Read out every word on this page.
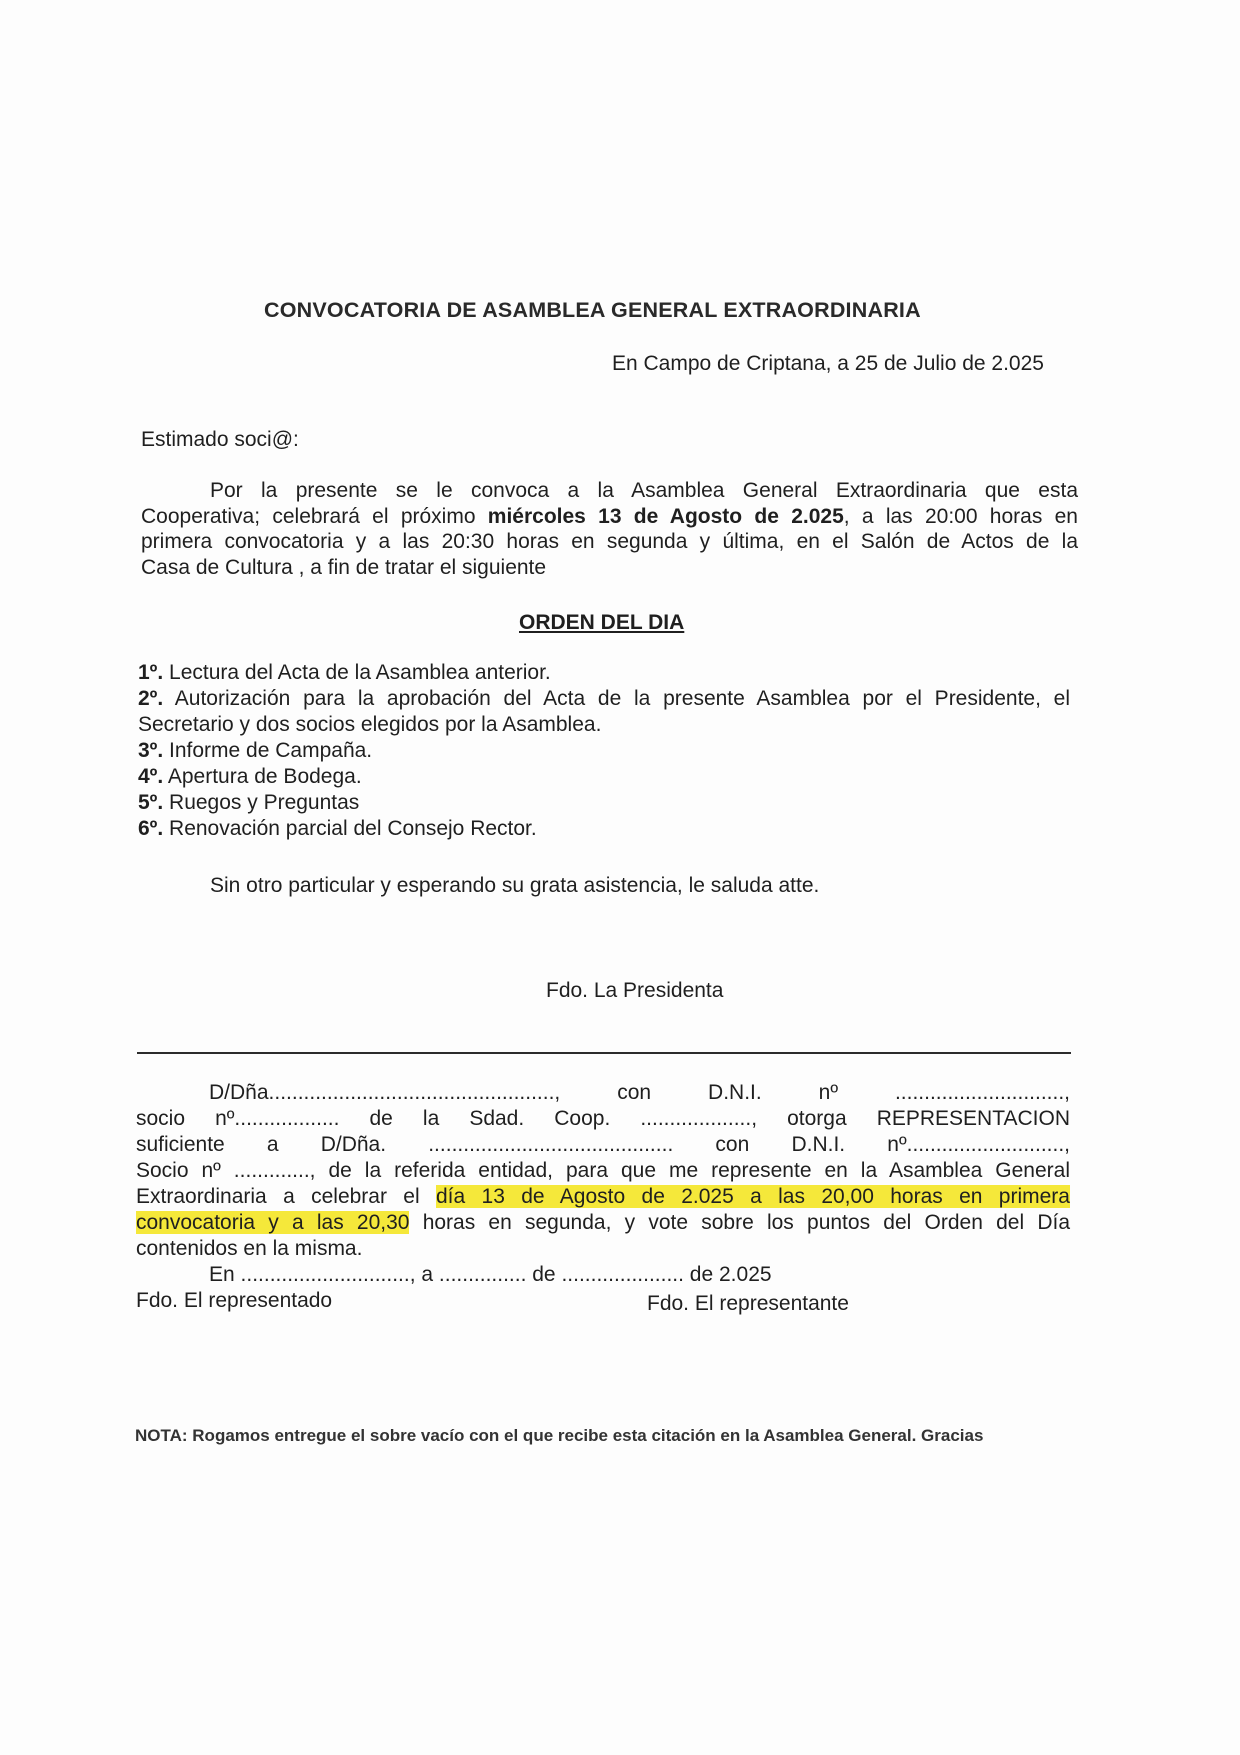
CONVOCATORIA DE ASAMBLEA GENERAL EXTRAORDINARIA
En Campo de Criptana, a 25 de Julio de 2.025
Estimado soci@:
Por la presente se le convoca a la Asamblea General Extraordinaria que esta
Cooperativa; celebrará el próximo miércoles 13 de Agosto de 2.025, a las 20:00 horas en
primera convocatoria y a las 20:30 horas en segunda y última, en el Salón de Actos de la
Casa de Cultura , a fin de tratar el siguiente
ORDEN DEL DIA
1º. Lectura del Acta de la Asamblea anterior.
2º. Autorización para la aprobación del Acta de la presente Asamblea por el Presidente, el
Secretario y dos socios elegidos por la Asamblea.
3º. Informe de Campaña.
4º. Apertura de Bodega.
5º. Ruegos y Preguntas
6º. Renovación parcial del Consejo Rector.
Sin otro particular y esperando su grata asistencia, le saluda atte.
Fdo. La Presidenta
D/Dña................................................., con D.N.I. nº .............................,
socio nº.................. de la Sdad. Coop. ..................., otorga REPRESENTACION
suficiente a D/Dña. .......................................... con D.N.I. nº...........................,
Socio nº ............., de la referida entidad, para que me represente en la Asamblea General
Extraordinaria a celebrar el día 13 de Agosto de 2.025 a las 20,00 horas en primera
convocatoria y a las 20,30 horas en segunda, y vote sobre los puntos del Orden del Día
contenidos en la misma.
En ............................., a ............... de ..................... de 2.025
Fdo. El representado	Fdo. El representante
NOTA: Rogamos entregue el sobre vacío con el que recibe esta citación en la Asamblea General. Gracias
